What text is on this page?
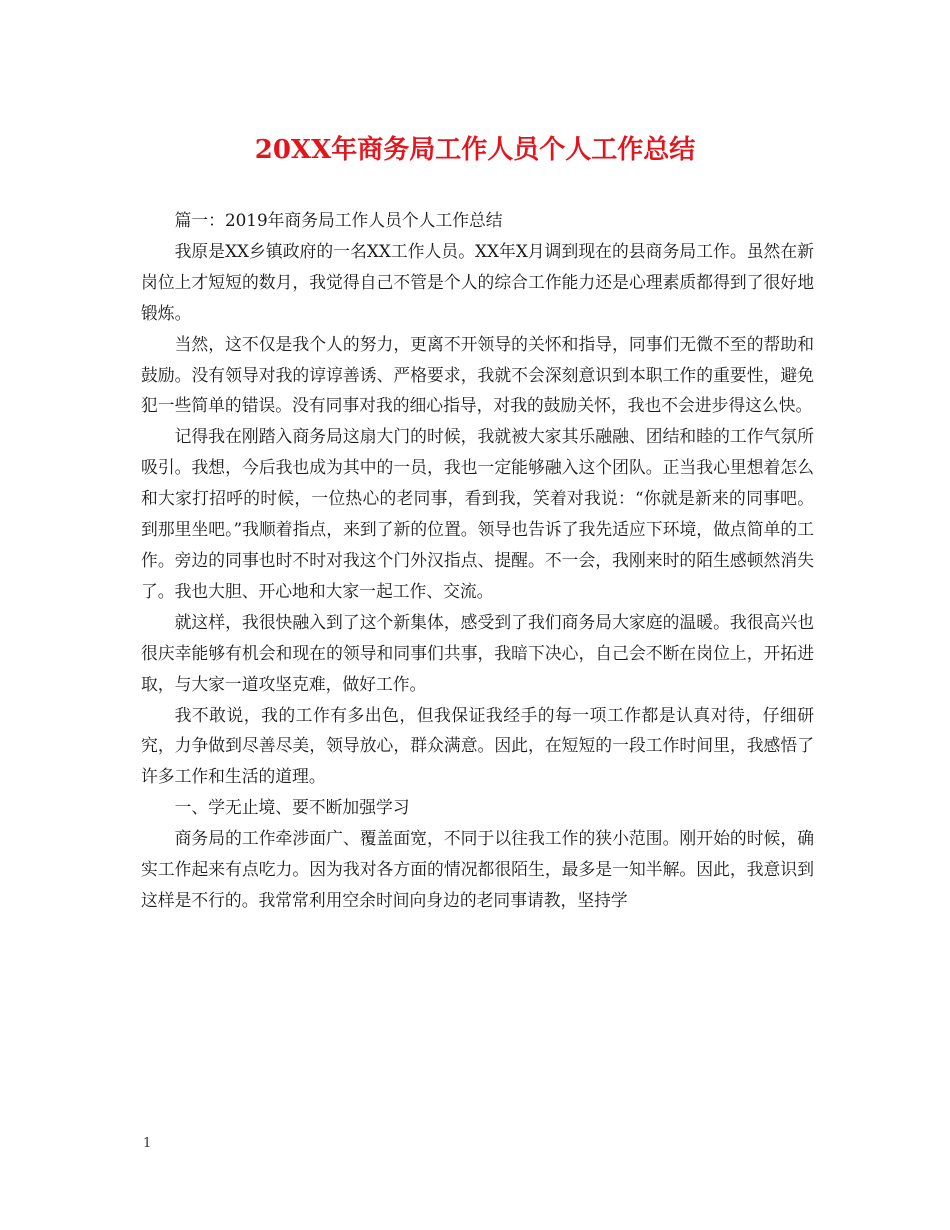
20XX年商务局工作人员个人工作总结

篇一：2019年商务局工作人员个人工作总结

我原是XX乡镇政府的一名XX工作人员。XX年X月调到现在的县商务局工作。虽然在新岗位上才短短的数月，我觉得自己不管是个人的综合工作能力还是心理素质都得到了很好地锻炼。

当然，这不仅是我个人的努力，更离不开领导的关怀和指导，同事们无微不至的帮助和鼓励。没有领导对我的谆谆善诱、严格要求，我就不会深刻意识到本职工作的重要性，避免犯一些简单的错误。没有同事对我的细心指导，对我的鼓励关怀，我也不会进步得这么快。

记得我在刚踏入商务局这扇大门的时候，我就被大家其乐融融、团结和睦的工作气氛所吸引。我想，今后我也成为其中的一员，我也一定能够融入这个团队。正当我心里想着怎么和大家打招呼的时候，一位热心的老同事，看到我，笑着对我说：“你就是新来的同事吧。到那里坐吧。”我顺着指点，来到了新的位置。领导也告诉了我先适应下环境，做点简单的工作。旁边的同事也时不时对我这个门外汉指点、提醒。不一会，我刚来时的陌生感顿然消失了。我也大胆、开心地和大家一起工作、交流。

就这样，我很快融入到了这个新集体，感受到了我们商务局大家庭的温暖。我很高兴也很庆幸能够有机会和现在的领导和同事们共事，我暗下决心，自己会不断在岗位上，开拓进取，与大家一道攻坚克难，做好工作。

我不敢说，我的工作有多出色，但我保证我经手的每一项工作都是认真对待，仔细研究，力争做到尽善尽美，领导放心，群众满意。因此，在短短的一段工作时间里，我感悟了许多工作和生活的道理。

一、学无止境、要不断加强学习

商务局的工作牵涉面广、覆盖面宽，不同于以往我工作的狭小范围。刚开始的时候，确实工作起来有点吃力。因为我对各方面的情况都很陌生，最多是一知半解。因此，我意识到这样是不行的。我常常利用空余时间向身边的老同事请教，坚持学

1
